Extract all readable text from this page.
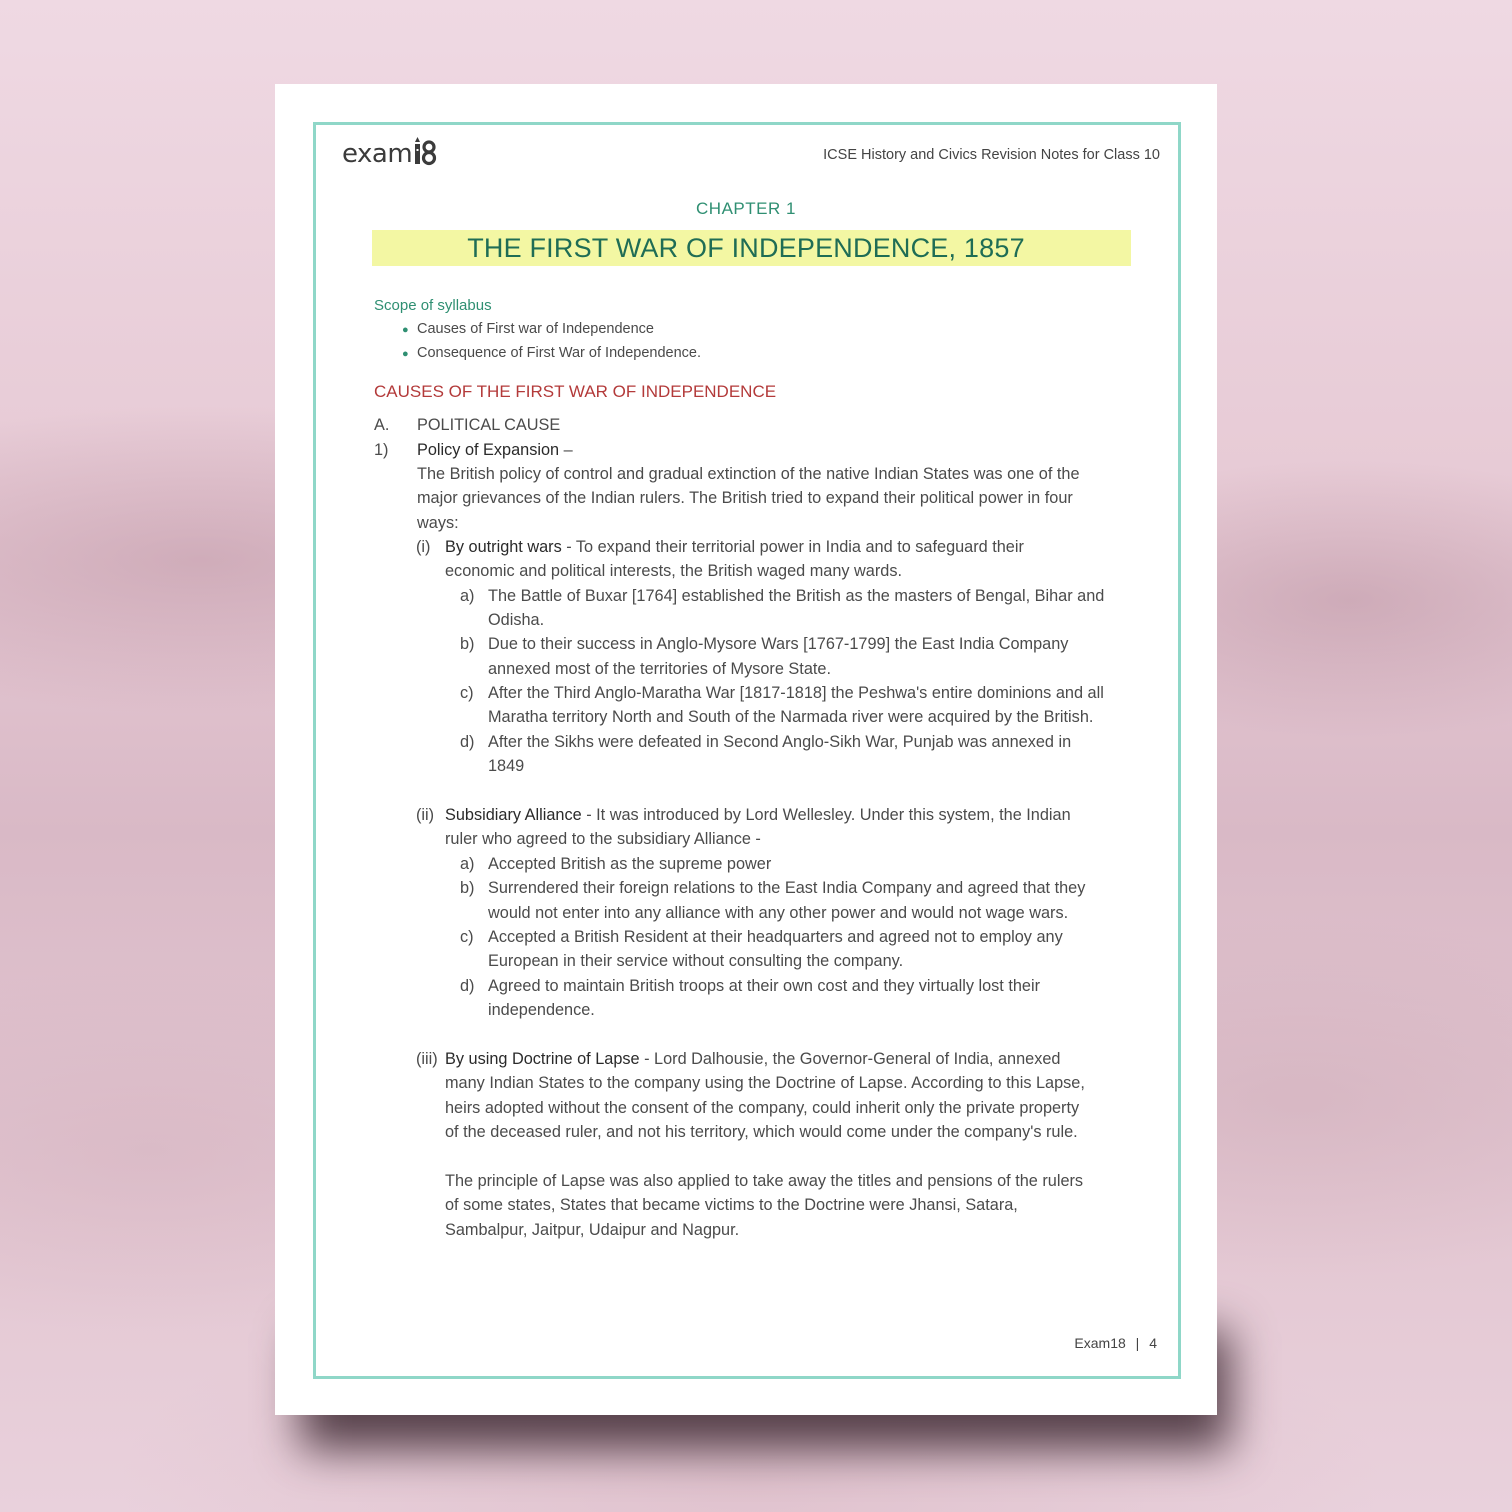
exam	ICSE History and Civics Revision Notes for Class 10
CHAPTER 1
THE FIRST WAR OF INDEPENDENCE, 1857
Scope of syllabus
● Causes of First war of Independence
● Consequence of First War of Independence.
CAUSES OF THE FIRST WAR OF INDEPENDENCE
A. POLITICAL CAUSE
1) Policy of Expansion –
The British policy of control and gradual extinction of the native Indian States was one of the
major grievances of the Indian rulers. The British tried to expand their political power in four
ways:
(i) By outright wars - To expand their territorial power in India and to safeguard their
economic and political interests, the British waged many wards.
a) The Battle of Buxar [1764] established the British as the masters of Bengal, Bihar and
Odisha.
b) Due to their success in Anglo-Mysore Wars [1767-1799] the East India Company
annexed most of the territories of Mysore State.
c) After the Third Anglo-Maratha War [1817-1818] the Peshwa's entire dominions and all
Maratha territory North and South of the Narmada river were acquired by the British.
d) After the Sikhs were defeated in Second Anglo-Sikh War, Punjab was annexed in
1849
(ii) Subsidiary Alliance - It was introduced by Lord Wellesley. Under this system, the Indian
ruler who agreed to the subsidiary Alliance -
a) Accepted British as the supreme power
b) Surrendered their foreign relations to the East India Company and agreed that they
would not enter into any alliance with any other power and would not wage wars.
c) Accepted a British Resident at their headquarters and agreed not to employ any
European in their service without consulting the company.
d) Agreed to maintain British troops at their own cost and they virtually lost their
independence.
(iii) By using Doctrine of Lapse - Lord Dalhousie, the Governor-General of India, annexed
many Indian States to the company using the Doctrine of Lapse. According to this Lapse,
heirs adopted without the consent of the company, could inherit only the private property
of the deceased ruler, and not his territory, which would come under the company's rule.
The principle of Lapse was also applied to take away the titles and pensions of the rulers
of some states, States that became victims to the Doctrine were Jhansi, Satara,
Sambalpur, Jaitpur, Udaipur and Nagpur.
Exam18 | 4
